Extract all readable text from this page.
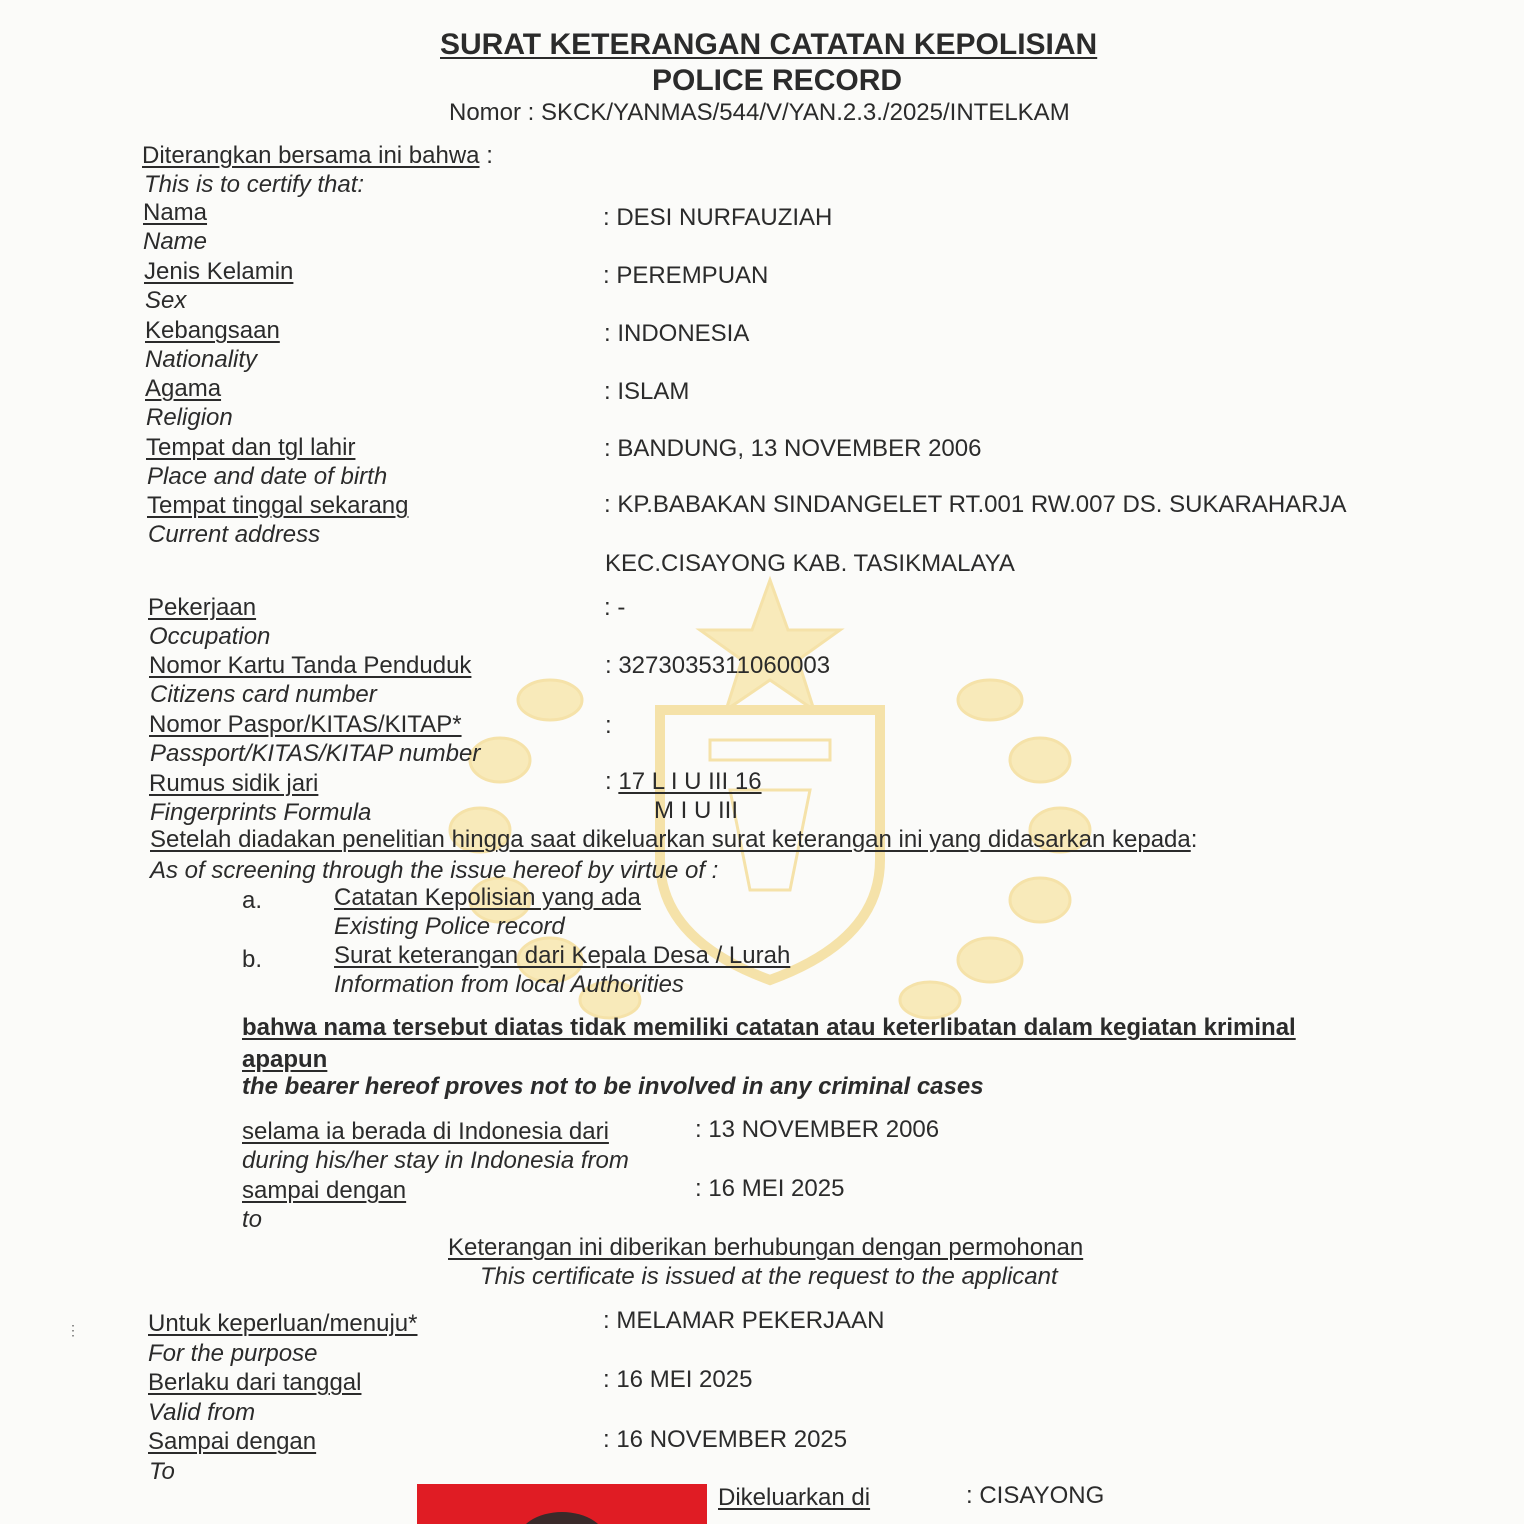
SURAT KETERANGAN CATATAN KEPOLISIAN
POLICE RECORD
Nomor : SKCK/YANMAS/544/V/YAN.2.3./2025/INTELKAM
Diterangkan bersama ini bahwa :
This is to certify that:
Nama
Name
: DESI NURFAUZIAH
Jenis Kelamin
Sex
: PEREMPUAN
Kebangsaan
Nationality
: INDONESIA
Agama
Religion
: ISLAM
Tempat dan tgl lahir
Place and date of birth
: BANDUNG, 13 NOVEMBER 2006
Tempat tinggal sekarang
Current address
: KP.BABAKAN SINDANGELET RT.001 RW.007 DS. SUKARAHARJA
KEC.CISAYONG KAB. TASIKMALAYA
Pekerjaan
Occupation
: -
Nomor Kartu Tanda Penduduk
Citizens card number
: 3273035311060003
Nomor Paspor/KITAS/KITAP*
Passport/KITAS/KITAP number
:
Rumus sidik jari
Fingerprints Formula
: 17 L I U III 16
M I U III
Setelah diadakan penelitian hingga saat dikeluarkan surat keterangan ini yang didasarkan kepada:
As of screening through the issue hereof by virtue of :
a.	Catatan Kepolisian yang ada
Existing Police record
b.	Surat keterangan dari Kepala Desa / Lurah
Information from local Authorities
bahwa nama tersebut diatas tidak memiliki catatan atau keterlibatan dalam kegiatan kriminal
apapun
the bearer hereof proves not to be involved in any criminal cases
selama ia berada di Indonesia dari
during his/her stay in Indonesia from
: 13 NOVEMBER 2006
sampai dengan
to
: 16 MEI 2025
Keterangan ini diberikan berhubungan dengan permohonan
This certificate is issued at the request to the applicant
⋮	Untuk keperluan/menuju*
For the purpose
: MELAMAR PEKERJAAN
Berlaku dari tanggal
Valid from
: 16 MEI 2025
Sampai dengan
To
: 16 NOVEMBER 2025
Dikeluarkan di	: CISAYONG
